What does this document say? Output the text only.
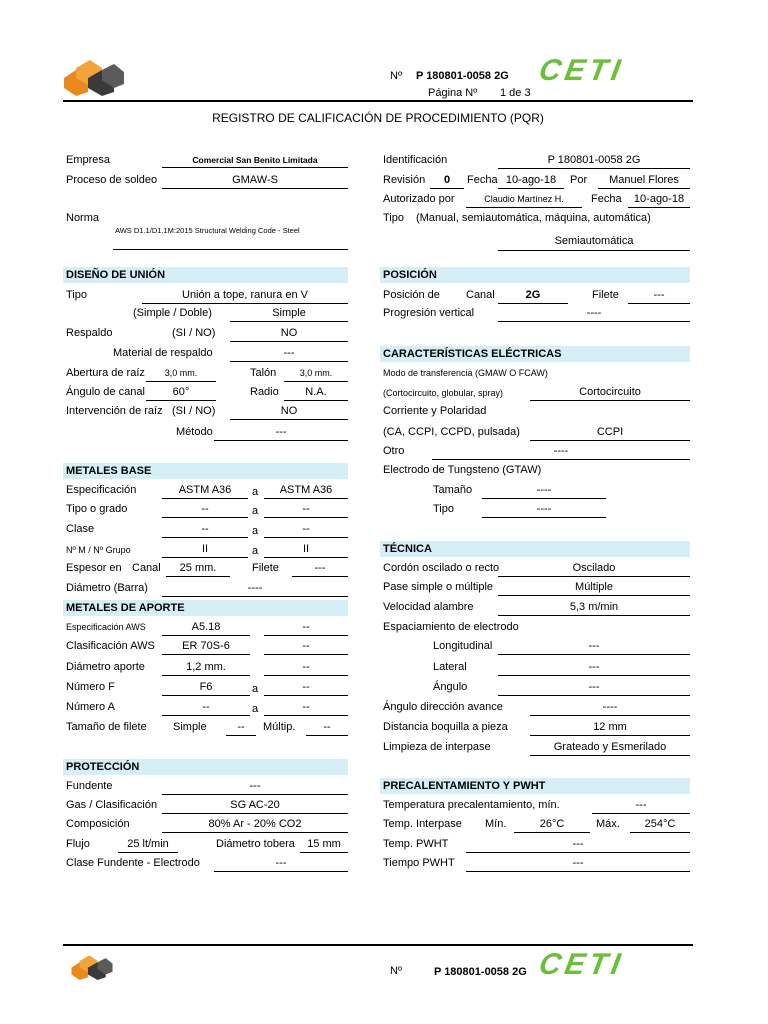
Nº P 180801-0058 2G
Página Nº 1 de 3
CETI
REGISTRO DE CALIFICACIÓN DE PROCEDIMIENTO (PQR)
Empresa	Comercial San Benito Limitada
Proceso de soldeo	GMAW-S
Norma
AWS D1.1/D1.1M:2015 Structural Welding Code - Steel
Identificación	P 180801-0058 2G
Revisión	0	Fecha 10-ago-18	Por	Manuel Flores
Autorizado por	Claudio Martínez H.	Fecha	10-ago-18
Tipo (Manual, semiautomática, máquina, automática)
Semiautomática
DISEÑO DE UNIÓN
Tipo	Unión a tope, ranura en V
(Simple / Doble)	Simple
Respaldo	(SI / NO)	NO
Material de respaldo	---
Abertura de raíz	3,0 mm.	Talón	3,0 mm.
Ángulo de canal	60°	Radio	N.A.
Intervención de raíz (SI / NO)	NO
Método	---
METALES BASE
Especificación	ASTM A36	a	ASTM A36
Tipo o grado	--	a	--
Clase	--	a	--
Nº M / Nº Grupo	II	a	II
Espesor en Canal	25 mm.	Filete	---
Diámetro (Barra)	----
METALES DE APORTE
Especificación AWS	A5.18	--
Clasificación AWS	ER 70S-6	--
Diámetro aporte	1,2 mm.	--
Número F	F6	a	--
Número A	--	a	--
Tamaño de filete Simple	--	Múltip.	--
PROTECCIÓN
Fundente	---
Gas / Clasificación	SG AC-20
Composición	80% Ar - 20% CO2
Flujo	25 lt/min	Diámetro tobera	15 mm
Clase Fundente - Electrodo	---
POSICIÓN
Posición de Canal	2G	Filete	---
Progresión vertical	----
CARACTERÍSTICAS ELÉCTRICAS
Modo de transferencia (GMAW O FCAW)
(Cortocircuito, globular, spray)	Cortocircuito
Corriente y Polaridad
(CA, CCPI, CCPD, pulsada)	CCPI
Otro	----
Electrodo de Tungsteno (GTAW)
Tamaño	----
Tipo	----
TÉCNICA
Cordón oscilado o recto	Oscilado
Pase simple o múltiple	Múltiple
Velocidad alambre	5,3 m/min
Espaciamiento de electrodo
Longitudinal	---
Lateral	---
Ángulo	---
Ángulo dirección avance	----
Distancia boquilla a pieza	12 mm
Limpieza de interpase	Grateado y Esmerilado
PRECALENTAMIENTO Y PWHT
Temperatura precalentamiento, mín.	---
Temp. Interpase Mín.	26°C	Máx.	254°C
Temp. PWHT	---
Tiempo PWHT	---
Nº	P 180801-0058 2G CETI
